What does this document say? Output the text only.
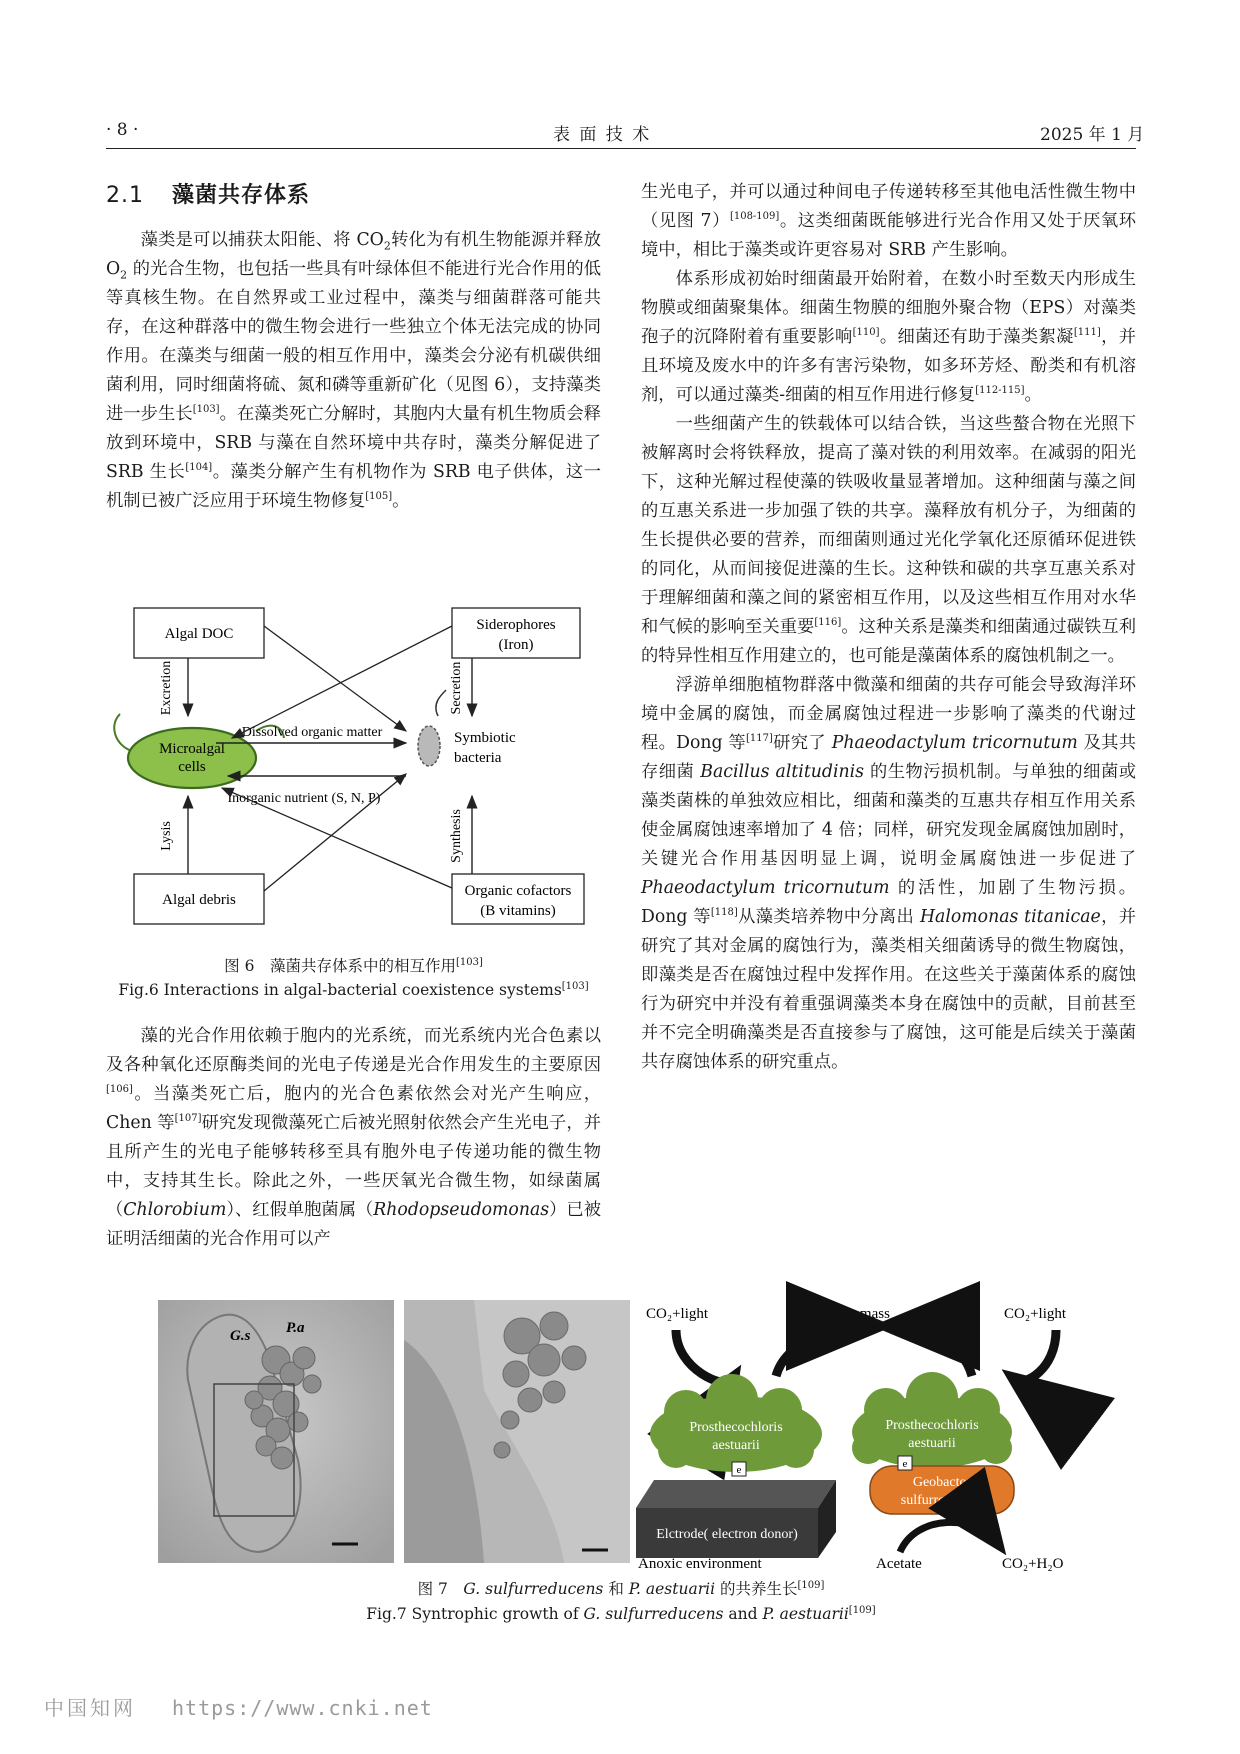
· 8 ·	表 面 技 术	2025 年 1 月
2.1 藻菌共存体系

藻类是可以捕获太阳能、将 $CO_2$转化为有机生物能源并释放 $O_2$ 的光合生物，也包括一些具有叶绿体但不能进行光合作用的低等真核生物。在自然界或工业过程中，藻类与细菌群落可能共存，在这种群落中的微生物会进行一些独立个体无法完成的协同作用。在藻类与细菌一般的相互作用中，藻类会分泌有机碳供细菌利用，同时细菌将硫、氮和磷等重新矿化（见图 6），支持藻类进一步生长[103]。在藻类死亡分解时，其胞内大量有机生物质会释放到环境中，SRB 与藻在自然环境中共存时，藻类分解促进了 SRB 生长[104]。藻类分解产生有机物作为 SRB 电子供体，这一机制已被广泛应用于环境生物修复[105]。

Algal DOC
Siderophores
(Iron)
Algal debris
Organic cofactors
(B vitamins)
Microalgal
cells
Symbiotic
bacteria
Excretion
Lysis
Secretion
Synthesis
Dissolved organic matter
Inorganic nutrient (S, N, P)
图 6　藻菌共存体系中的相互作用[103]
Fig.6 Interactions in algal-bacterial coexistence systems[103]

藻的光合作用依赖于胞内的光系统，而光系统内光合色素以及各种氧化还原酶类间的光电子传递是光合作用发生的主要原因[106]。当藻类死亡后，胞内的光合色素依然会对光产生响应，Chen 等[107]研究发现微藻死亡后被光照射依然会产生光电子，并且所产生的光电子能够转移至具有胞外电子传递功能的微生物中，支持其生长。除此之外，一些厌氧光合微生物，如绿菌属（Chlorobium）、红假单胞菌属（Rhodopseudomonas）已被证明活细菌的光合作用可以产

生光电子，并可以通过种间电子传递转移至其他电活性微生物中（见图 7）[108-109]。这类细菌既能够进行光合作用又处于厌氧环境中，相比于藻类或许更容易对 SRB 产生影响。

体系形成初始时细菌最开始附着，在数小时至数天内形成生物膜或细菌聚集体。细菌生物膜的细胞外聚合物（EPS）对藻类孢子的沉降附着有重要影响[110]。细菌还有助于藻类絮凝[111]，并且环境及废水中的许多有害污染物，如多环芳烃、酚类和有机溶剂，可以通过藻类-细菌的相互作用进行修复[112-115]。

一些细菌产生的铁载体可以结合铁，当这些螯合物在光照下被解离时会将铁释放，提高了藻对铁的利用效率。在减弱的阳光下，这种光解过程使藻的铁吸收量显著增加。这种细菌与藻之间的互惠关系进一步加强了铁的共享。藻释放有机分子，为细菌的生长提供必要的营养，而细菌则通过光化学氧化还原循环促进铁的同化，从而间接促进藻的生长。这种铁和碳的共享互惠关系对于理解细菌和藻之间的紧密相互作用，以及这些相互作用对水华和气候的影响至关重要[116]。这种关系是藻类和细菌通过碳铁互利的特异性相互作用建立的，也可能是藻菌体系的腐蚀机制之一。

浮游单细胞植物群落中微藻和细菌的共存可能会导致海洋环境中金属的腐蚀，而金属腐蚀过程进一步影响了藻类的代谢过程。Dong 等[117]研究了 Phaeodactylum tricornutum 及其共存细菌 Bacillus altitudinis 的生物污损机制。与单独的细菌或藻类菌株的单独效应相比，细菌和藻类的互惠共存相互作用关系使金属腐蚀速率增加了 4 倍；同样，研究发现金属腐蚀加剧时，关键光合作用基因明显上调，说明金属腐蚀进一步促进了 Phaeodactylum tricornutum 的活性，加剧了生物污损。Dong 等[118]从藻类培养物中分离出 Halomonas titanicae，并研究了其对金属的腐蚀行为，藻类相关细菌诱导的微生物腐蚀，即藻类是否在腐蚀过程中发挥作用。在这些关于藻菌体系的腐蚀行为研究中并没有着重强调藻类本身在腐蚀中的贡献，目前甚至并不完全明确藻类是否直接参与了腐蚀，这可能是后续关于藻菌共存腐蚀体系的研究重点。

G.s P.a
CO₂+light	Cell biomass	CO₂+light
Prosthecochloris
aestuarii
e
Elctrode( electron donor)
Prosthecochloris
aestuarii
e
Geobactor
sulfurreducens
Anoxic environment	Acetate	CO₂+H₂O
图 7　G. sulfurreducens 和 P. aestuarii 的共养生长[109]
Fig.7 Syntrophic growth of G. sulfurreducens and P. aestuarii[109]
中国知网 https://www.cnki.net
